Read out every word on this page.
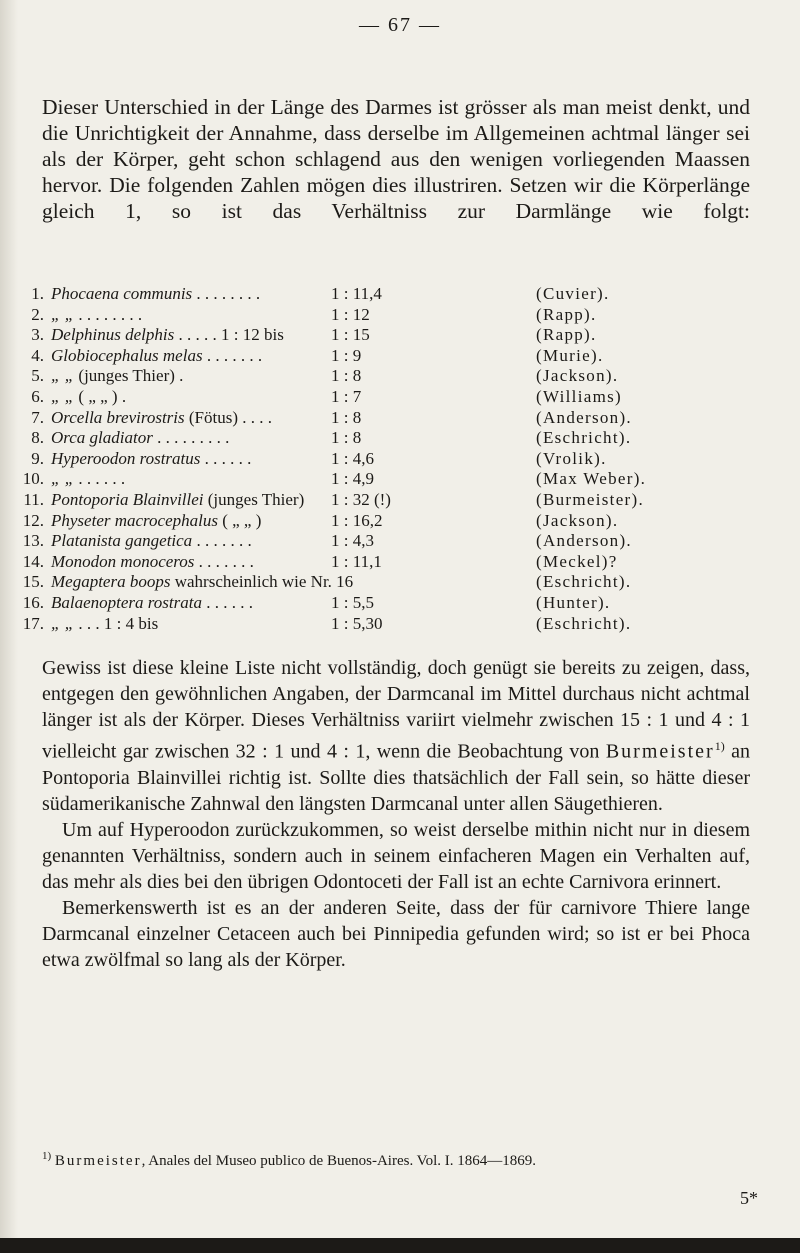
— 67 —

Dieser Unterschied in der Länge des Darmes ist grösser als man meist denkt, und die Unrichtigkeit der Annahme, dass derselbe im Allgemeinen achtmal länger sei als der Körper, geht schon schlagend aus den wenigen vorliegenden Maassen hervor. Die folgenden Zahlen mögen dies illustriren. Setzen wir die Körperlänge gleich 1, so ist das Verhältniss zur Darmlänge wie folgt:

1. Phocaena communis . . . . . . . .	1 : 11,4	(Cuvier).
2. „ „ . . . . . . . .	1 : 12	(Rapp).
3. Delphinus delphis . . . . . 1 : 12 bis	1 : 15	(Rapp).
4. Globiocephalus melas . . . . . . .	1 : 9	(Murie).
5. „ „ (junges Thier) .	1 : 8	(Jackson).
6. „ „ ( „ „ ) .	1 : 7	(Williams)
7. Orcella brevirostris (Fötus) . . . .	1 : 8	(Anderson).
8. Orca gladiator . . . . . . . . .	1 : 8	(Eschricht).
9. Hyperoodon rostratus . . . . . .	1 : 4,6	(Vrolik).
10. „ „ . . . . . .	1 : 4,9	(Max Weber).
11. Pontoporia Blainvillei (junges Thier)	1 : 32 (!)	(Burmeister).
12. Physeter macrocephalus ( „ „ )	1 : 16,2	(Jackson).
13. Platanista gangetica . . . . . . .	1 : 4,3	(Anderson).
14. Monodon monoceros . . . . . . .	1 : 11,1	(Meckel)?
15. Megaptera boops wahrscheinlich wie Nr. 16	(Eschricht).
16. Balaenoptera rostrata . . . . . .	1 : 5,5	(Hunter).
17. „ „ . . . 1 : 4 bis	1 : 5,30	(Eschricht).

Gewiss ist diese kleine Liste nicht vollständig, doch genügt sie bereits zu zeigen, dass, entgegen den gewöhnlichen Angaben, der Darmcanal im Mittel durchaus nicht achtmal länger ist als der Körper. Dieses Verhältniss variirt vielmehr zwischen 15 : 1 und 4 : 1 vielleicht gar zwischen 32 : 1 und 4 : 1, wenn die Beobachtung von Burmeister$^{1)}$ an Pontoporia Blainvillei richtig ist. Sollte dies thatsächlich der Fall sein, so hätte dieser südamerikanische Zahnwal den längsten Darmcanal unter allen Säugethieren.

Um auf Hyperoodon zurückzukommen, so weist derselbe mithin nicht nur in diesem genannten Verhältniss, sondern auch in seinem einfacheren Magen ein Verhalten auf, das mehr als dies bei den übrigen Odontoceti der Fall ist an echte Carnivora erinnert.

Bemerkenswerth ist es an der anderen Seite, dass der für carnivore Thiere lange Darmcanal einzelner Cetaceen auch bei Pinnipedia gefunden wird; so ist er bei Phoca etwa zwölfmal so lang als der Körper.

$^{1)}$ Burmeister, Anales del Museo publico de Buenos-Aires. Vol. I. 1864—1869.

5*
